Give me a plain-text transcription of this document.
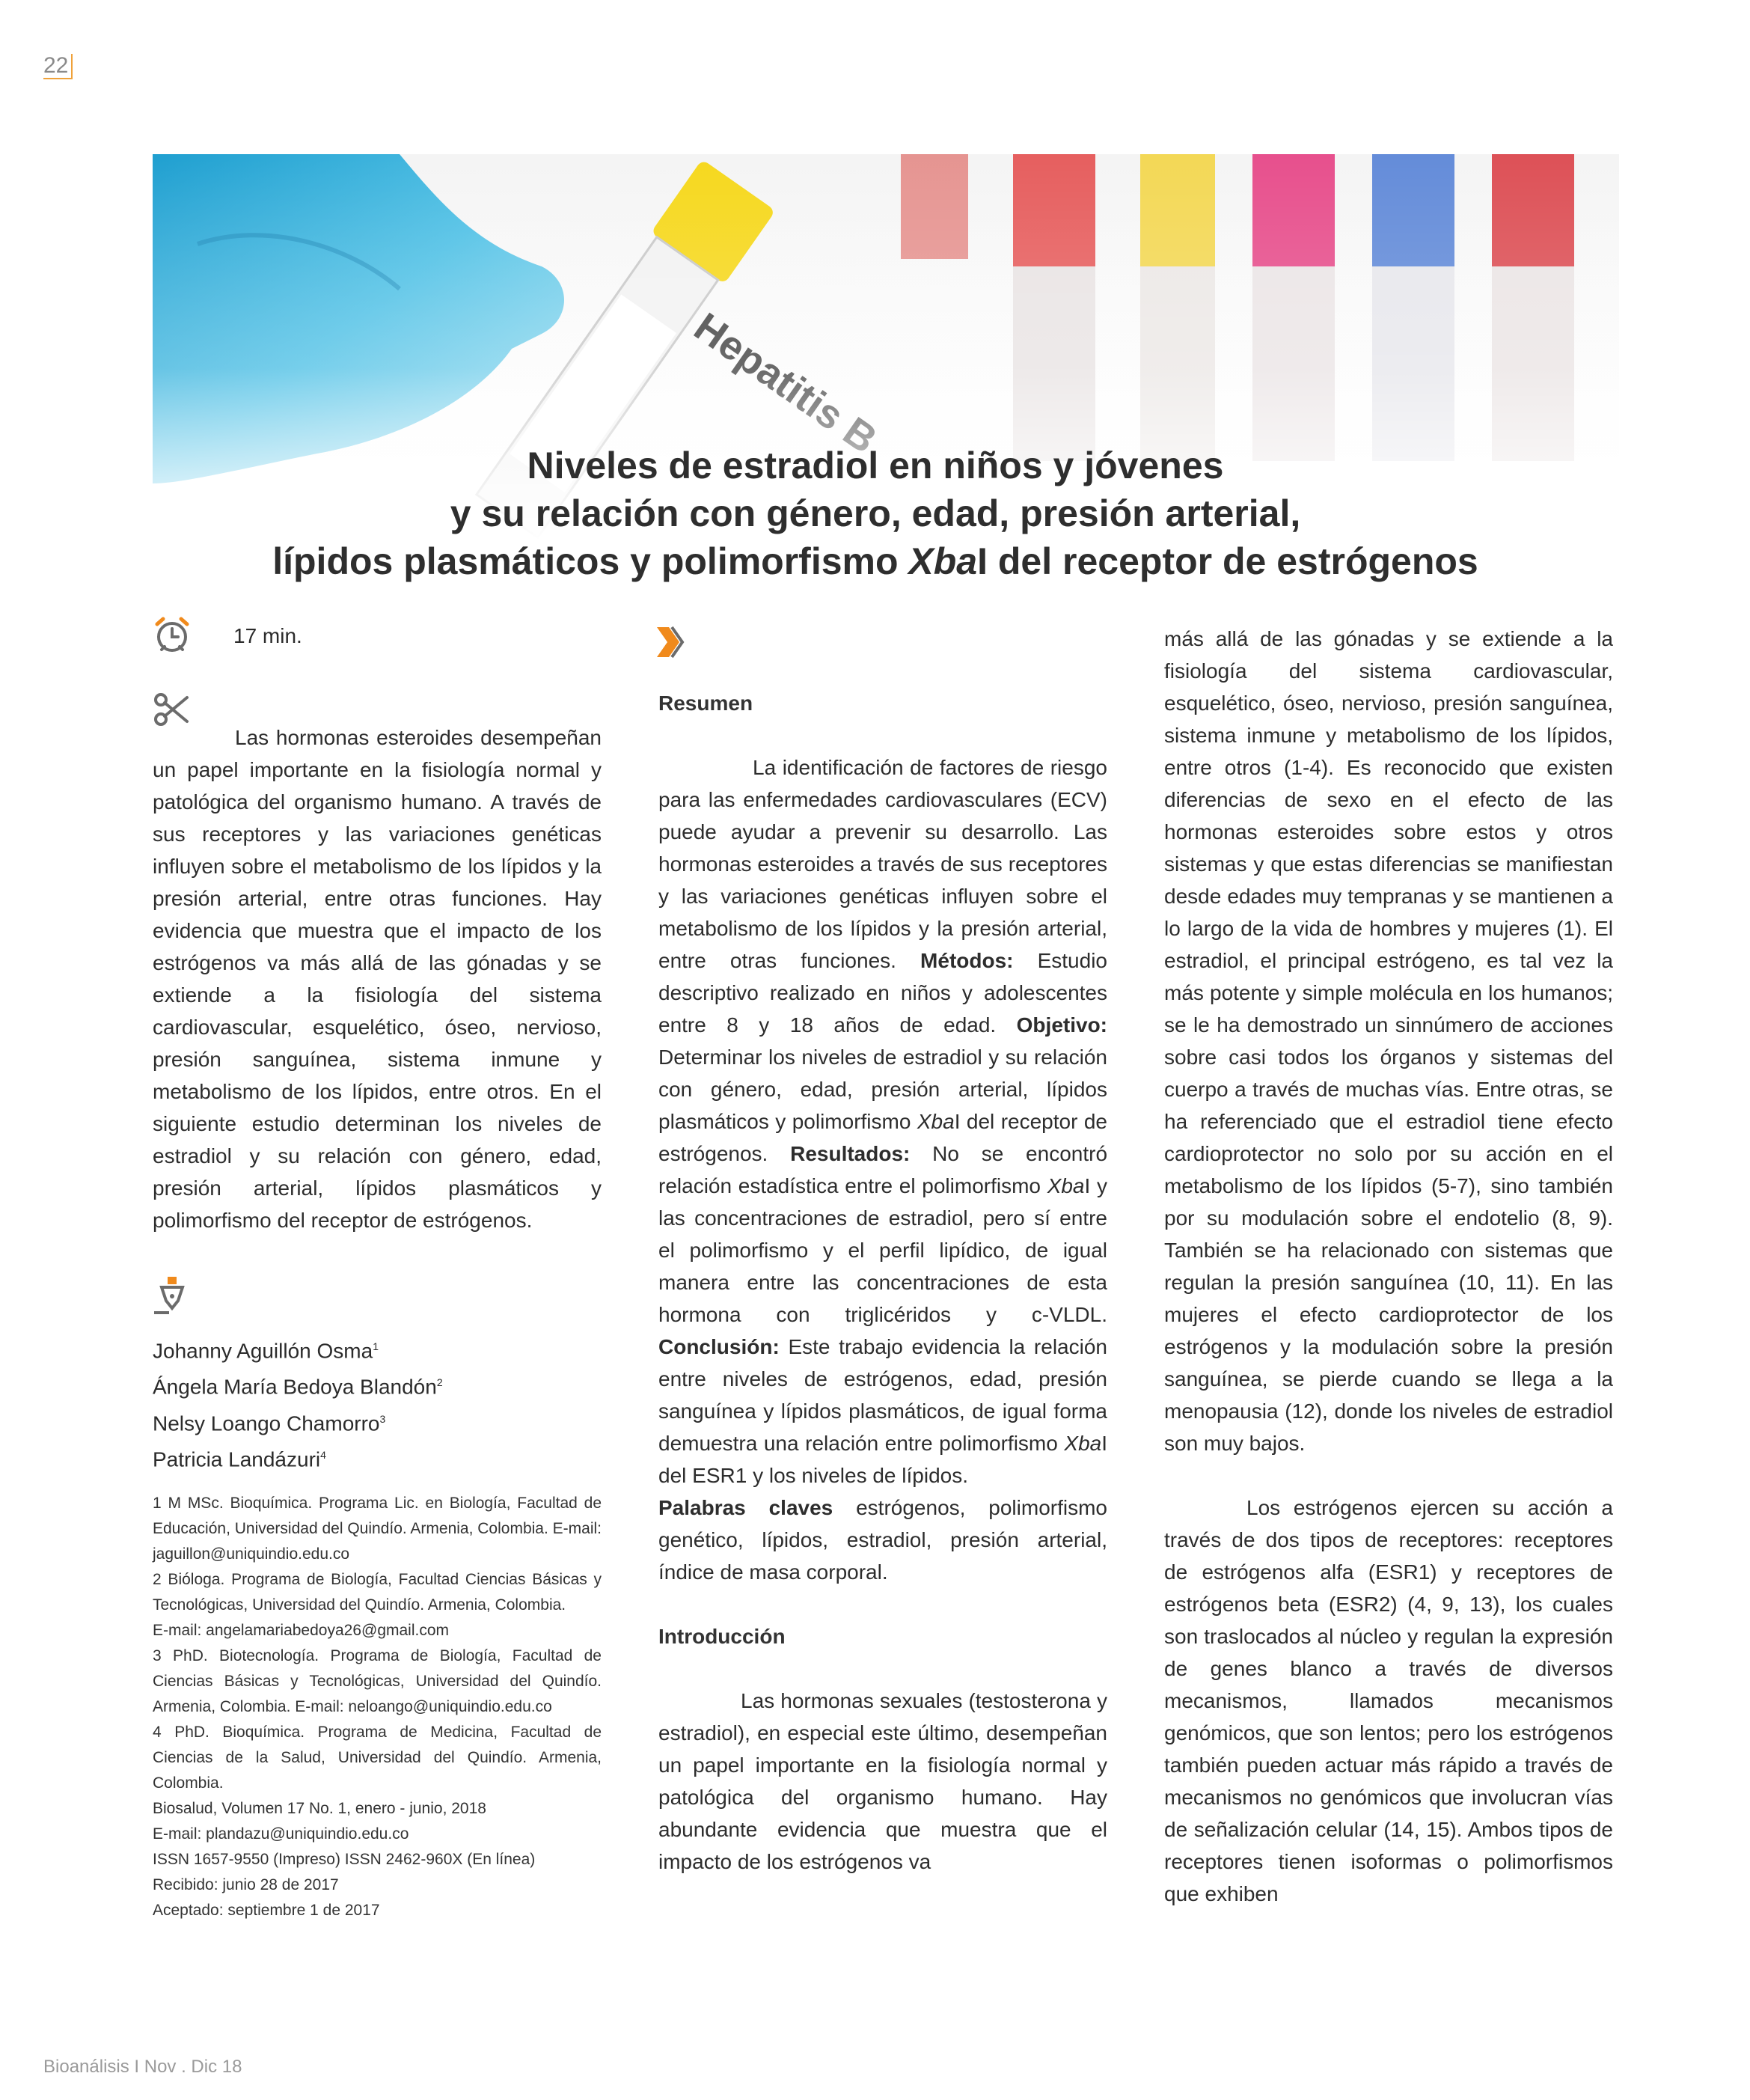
22
Niveles de estradiol en niños y jóvenes
y su relación con género, edad, presión arterial,
lípidos plasmáticos y polimorfismo XbaI del receptor de estrógenos
17 min.

Las hormonas esteroides desempeñan un papel importante en la fisiología normal y patológica del organismo humano. A través de sus receptores y las variaciones genéticas influyen sobre el metabolismo de los lípidos y la presión arterial, entre otras funciones. Hay evidencia que muestra que el impacto de los estrógenos va más allá de las gónadas y se extiende a la fisiología del sistema cardiovascular, esquelético, óseo, nervioso, presión sanguínea, sistema inmune y metabolismo de los lípidos, entre otros. En el siguiente estudio determinan los niveles de estradiol y su relación con género, edad, presión arterial, lípidos plasmáticos y polimorfismo del receptor de estrógenos.

Johanny Aguillón Osma$^1$
Ángela María Bedoya Blandón$^2$
Nelsy Loango Chamorro$^3$
Patricia Landázuri$^4$

1 M MSc. Bioquímica. Programa Lic. en Biología, Facultad de Educación, Universidad del Quindío. Armenia, Colombia. E-mail: jaguillon@uniquindio.edu.co

2 Bióloga. Programa de Biología, Facultad Ciencias Básicas y Tecnológicas, Universidad del Quindío. Armenia, Colombia.

E-mail: angelamariabedoya26@gmail.com

3 PhD. Biotecnología. Programa de Biología, Facultad de Ciencias Básicas y Tecnológicas, Universidad del Quindío. Armenia, Colombia. E-mail: neloango@uniquindio.edu.co

4 PhD. Bioquímica. Programa de Medicina, Facultad de Ciencias de la Salud, Universidad del Quindío. Armenia, Colombia.

Biosalud, Volumen 17 No. 1, enero - junio, 2018

E-mail: plandazu@uniquindio.edu.co

ISSN 1657-9550 (Impreso) ISSN 2462-960X (En línea)

Recibido: junio 28 de 2017

Aceptado: septiembre 1 de 2017

Resumen

La identificación de factores de riesgo para las enfermedades cardiovasculares (ECV) puede ayudar a prevenir su desarrollo. Las hormonas esteroides a través de sus receptores y las variaciones genéticas influyen sobre el metabolismo de los lípidos y la presión arterial, entre otras funciones. Métodos: Estudio descriptivo realizado en niños y adolescentes entre 8 y 18 años de edad. Objetivo: Determinar los niveles de estradiol y su relación con género, edad, presión arterial, lípidos plasmáticos y polimorfismo XbaI del receptor de estrógenos. Resultados: No se encontró relación estadística entre el polimorfismo XbaI y las concentraciones de estradiol, pero sí entre el polimorfismo y el perfil lipídico, de igual manera entre las concentraciones de esta hormona con triglicéridos y c-VLDL. Conclusión: Este trabajo evidencia la relación entre niveles de estrógenos, edad, presión sanguínea y lípidos plasmáticos, de igual forma demuestra una relación entre polimorfismo XbaI del ESR1 y los niveles de lípidos.

Palabras claves estrógenos, polimorfismo genético, lípidos, estradiol, presión arterial, índice de masa corporal.

Introducción

Las hormonas sexuales (testosterona y estradiol), en especial este último, desempeñan un papel importante en la fisiología normal y patológica del organismo humano. Hay abundante evidencia que muestra que el impacto de los estrógenos va

más allá de las gónadas y se extiende a la fisiología del sistema cardiovascular, esquelético, óseo, nervioso, presión sanguínea, sistema inmune y metabolismo de los lípidos, entre otros (1-4). Es reconocido que existen diferencias de sexo en el efecto de las hormonas esteroides sobre estos y otros sistemas y que estas diferencias se manifiestan desde edades muy tempranas y se mantienen a lo largo de la vida de hombres y mujeres (1). El estradiol, el principal estrógeno, es tal vez la más potente y simple molécula en los humanos; se le ha demostrado un sinnúmero de acciones sobre casi todos los órganos y sistemas del cuerpo a través de muchas vías. Entre otras, se ha referenciado que el estradiol tiene efecto cardioprotector no solo por su acción en el metabolismo de los lípidos (5-7), sino también por su modulación sobre el endotelio (8, 9). También se ha relacionado con sistemas que regulan la presión sanguínea (10, 11). En las mujeres el efecto cardioprotector de los estrógenos y la modulación sobre la presión sanguínea, se pierde cuando se llega a la menopausia (12), donde los niveles de estradiol son muy bajos.

Los estrógenos ejercen su acción a través de dos tipos de receptores: receptores de estrógenos alfa (ESR1) y receptores de estrógenos beta (ESR2) (4, 9, 13), los cuales son traslocados al núcleo y regulan la expresión de genes blanco a través de diversos mecanismos, llamados mecanismos genómicos, que son lentos; pero los estrógenos también pueden actuar más rápido a través de mecanismos no genómicos que involucran vías de señalización celular (14, 15). Ambos tipos de receptores tienen isoformas o polimorfismos que exhiben

Bioanálisis I Nov . Dic 18
